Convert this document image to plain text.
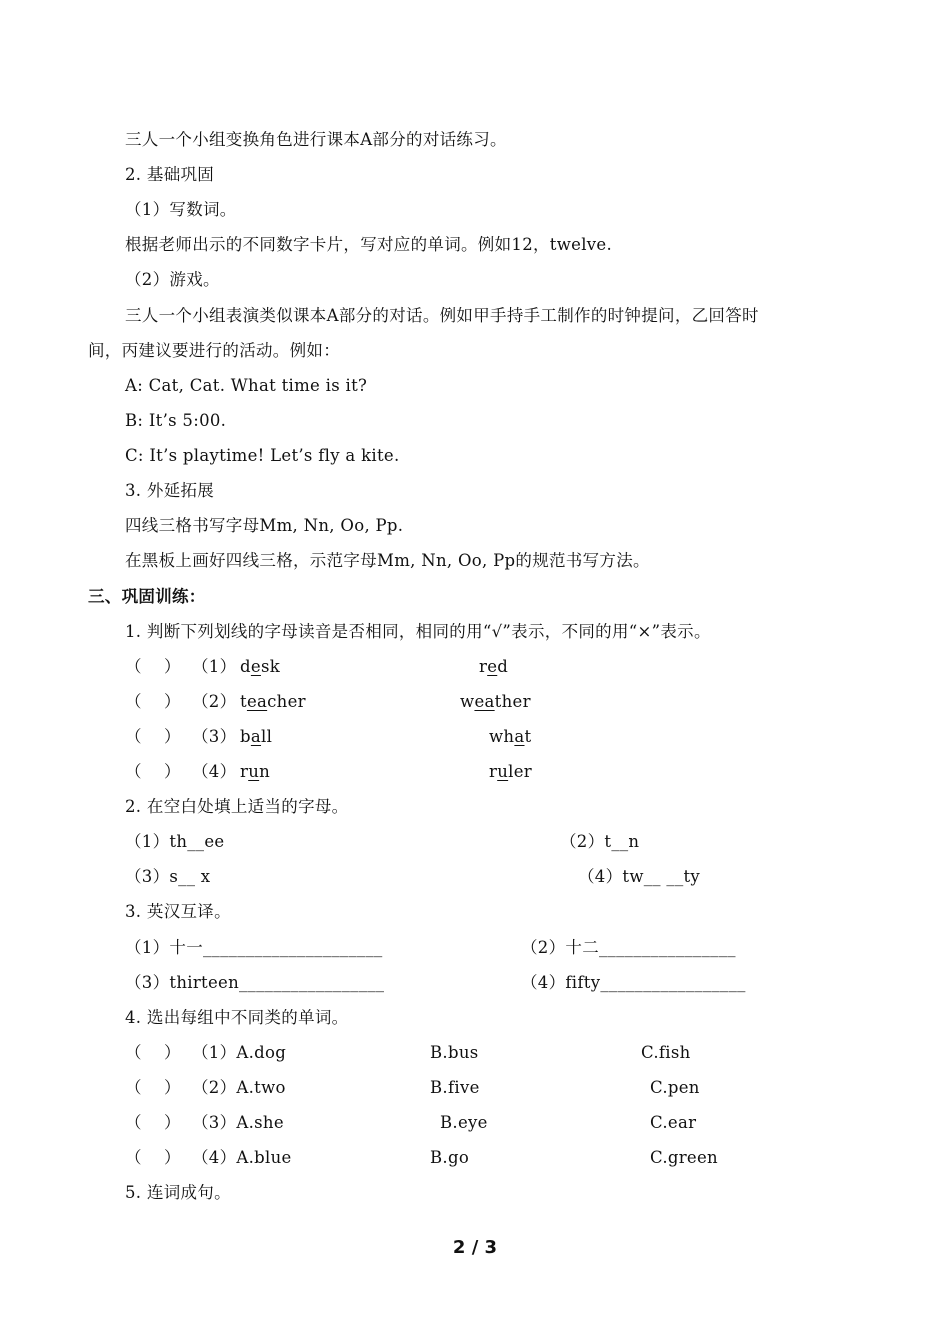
三人一个小组变换角色进行课本A部分的对话练习。
2. 基础巩固
（1）写数词。
根据老师出示的不同数字卡片，写对应的单词。例如12，twelve.
（2）游戏。
三人一个小组表演类似课本A部分的对话。例如甲手持手工制作的时钟提问，乙回答时
间，丙建议要进行的活动。例如：
A: Cat, Cat. What time is it?
B: It’s 5:00.
C: It’s playtime! Let’s fly a kite.
3. 外延拓展
四线三格书写字母Mm, Nn, Oo, Pp.
在黑板上画好四线三格，示范字母Mm, Nn, Oo, Pp的规范书写方法。
三、巩固训练：
1. 判断下列划线的字母读音是否相同，相同的用“√”表示，不同的用“×”表示。
（    ） （1） desk	red
（    ） （2） teacher	weather
（    ） （3） ball	what
（    ） （4） run	ruler
2. 在空白处填上适当的字母。
（1）th__ee	（2）t__n
（3）s__ x	（4）tw__ __ty
3. 英汉互译。
（1）十一_____________________	（2）十二________________
（3）thirteen_________________	（4）fifty_________________
4. 选出每组中不同类的单词。
（    ） （1）A.dog	B.bus	C.fish
（    ） （2）A.two	B.five	C.pen
（    ） （3）A.she	B.eye	C.ear
（    ） （4）A.blue	B.go	C.green
5. 连词成句。
2 / 3
